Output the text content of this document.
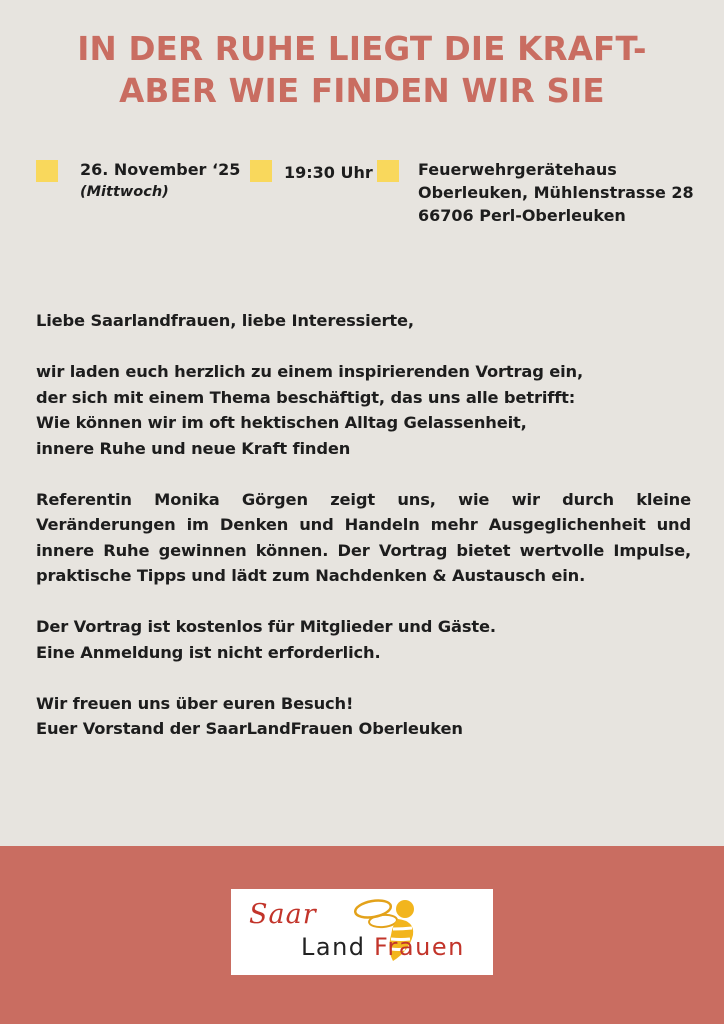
IN DER RUHE LIEGT DIE KRAFT-
ABER WIE FINDEN WIR SIE
26. November ‘25
(Mittwoch)
19:30 Uhr	Feuerwehrgerätehaus
Oberleuken, Mühlenstrasse 28
66706 Perl-Oberleuken

Liebe Saarlandfrauen, liebe Interessierte,

wir laden euch herzlich zu einem inspirierenden Vortrag ein,
der sich mit einem Thema beschäftigt, das uns alle betrifft:
Wie können wir im oft hektischen Alltag Gelassenheit,
innere Ruhe und neue Kraft finden

Referentin Monika Görgen zeigt uns, wie wir durch kleine Veränderungen im Denken und Handeln mehr Ausgeglichenheit und innere Ruhe gewinnen können. Der Vortrag bietet wertvolle Impulse, praktische Tipps und lädt zum Nachdenken & Austausch ein.

Der Vortrag ist kostenlos für Mitglieder und Gäste.
Eine Anmeldung ist nicht erforderlich.

Wir freuen uns über euren Besuch!
Euer Vorstand der SaarLandFrauen Oberleuken

Saar
Land Frauen
